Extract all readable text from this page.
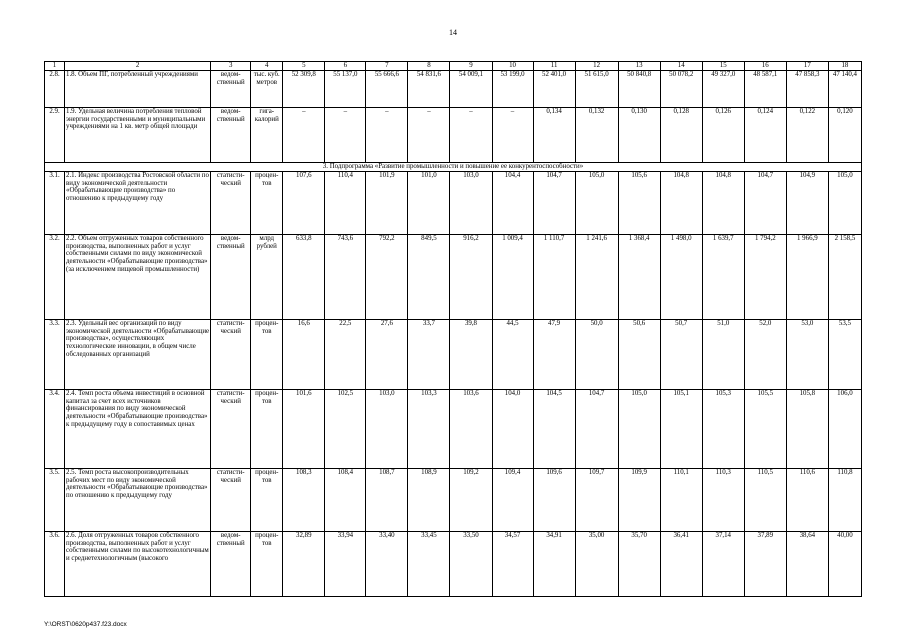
14
1	2	3	4	5	6	7	8	9	10	11	12	13	14	15	16	17	18
2.8.	1.8. Объем ПГ, потребленный учреждениями	ведом-ственный	тыс. куб. метров	52 309,8	55 137,0	55 666,6	54 831,6	54 009,1	53 199,0	52 401,0	51 615,0	50 840,8	50 078,2	49 327,0	48 587,1	47 858,3	47 140,4
2.9.	1.9. Удельная величина потребления тепловой энергии государственными и муниципальными учреждениями на 1 кв. метр общей площади	ведом-ственный	гига-калорий	–	–	–	–	–	–	0,134	0,132	0,130	0,128	0,126	0,124	0,122	0,120
3. Подпрограмма «Развитие промышленности и повышение ее конкурентоспособности»																	
3.1.	2.1. Индекс производства Ростовской области по виду экономической деятельности «Обрабатывающие производства» по отношению к предыдущему году	статисти-ческий	процен-тов	107,6	110,4	101,9	101,0	103,0	104,4	104,7	105,0	105,6	104,8	104,8	104,7	104,9	105,0
3.2.	2.2. Объем отгруженных товаров собственного производства, выполненных работ и услуг собственными силами по виду экономической деятельности «Обрабатывающие производства» (за исключением пищевой промышленности)	ведом-ственный	млрд рублей	633,8	743,6	792,2	849,5	916,2	1 009,4	1 110,7	1 241,6	1 368,4	1 498,0	1 639,7	1 794,2	1 966,9	2 158,5
3.3.	2.3. Удельный вес организаций по виду экономической деятельности «Обрабатывающие производства», осуществляющих технологические инновации, в общем числе обследованных организаций	статисти-ческий	процен-тов	16,6	22,5	27,6	33,7	39,8	44,5	47,9	50,0	50,6	50,7	51,0	52,0	53,0	53,5
3.4.	2.4. Темп роста объема инвестиций в основной капитал за счет всех источников финансирования по виду экономической деятельности «Обрабатывающие производства» к предыдущему году в сопоставимых ценах	статисти-ческий	процен-тов	101,6	102,5	103,0	103,3	103,6	104,0	104,5	104,7	105,0	105,1	105,3	105,5	105,8	106,0
3.5.	2.5. Темп роста высокопроизводительных рабочих мест по виду экономической деятельности «Обрабатывающие производства» по отношению к предыдущему году	статисти-ческий	процен-тов	108,3	108,4	108,7	108,9	109,2	109,4	109,6	109,7	109,9	110,1	110,3	110,5	110,6	110,8
3.6.	2.6. Доля отгруженных товаров собственного производства, выполненных работ и услуг собственными силами по высокотехнологичным и среднетехнологичным (высокого	ведом-ственный	процен-тов	32,89	33,94	33,40	33,45	33,50	34,57	34,91	35,00	35,70	36,41	37,14	37,89	38,64	40,00
Y:\ORST\0620p437.f23.docx
